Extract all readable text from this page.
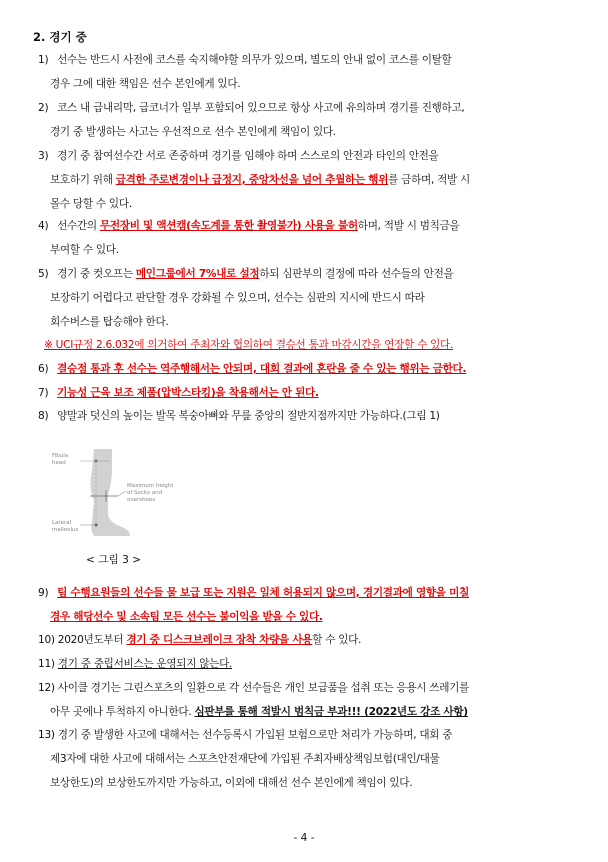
2. 경기 중

1) 선수는 반드시 사전에 코스를 숙지해야할 의무가 있으며, 별도의 안내 없이 코스를 이탈할

경우 그에 대한 책임은 선수 본인에게 있다.

2) 코스 내 급내리막, 급코너가 일부 포함되어 있으므로 항상 사고에 유의하며 경기를 진행하고,

경기 중 발생하는 사고는 우선적으로 선수 본인에게 책임이 있다.

3) 경기 중 참여선수간 서로 존중하며 경기를 임해야 하며 스스로의 안전과 타인의 안전을

보호하기 위해 급격한 주로변경이나 급정지, 중앙차선을 넘어 추월하는 행위를 금하며, 적발 시

몰수 당할 수 있다.

4) 선수간의 무전장비 및 액션캠(속도계를 통한 촬영불가) 사용을 불허하며, 적발 시 범칙금을

부여할 수 있다.

5) 경기 중 컷오프는 메인그룹에서 7%내로 설정하되 심판부의 결정에 따라 선수들의 안전을

보장하기 어렵다고 판단할 경우 강화될 수 있으며, 선수는 심판의 지시에 반드시 따라

회수버스를 탑승해야 한다.

※ UCI규정 2.6.032에 의거하여 주최자와 협의하여 결승선 통과 마감시간을 연장할 수 있다.

6) 결승점 통과 후 선수는 역주행해서는 안되며, 대회 결과에 혼란을 줄 수 있는 행위는 금한다.

7) 기능성 근육 보조 제품(압박스타킹)을 착용해서는 안 된다.

8) 양말과 덧신의 높이는 발목 복숭아뼈와 무릎 중앙의 절반지점까지만 가능하다.(그림 1)

Fibula
head
Maximum height
of Socks and
overshoes
Lateral
malleolus
< 그림 3 >

9) 팀 수행요원들의 선수들 물 보급 또는 지원은 일체 허용되지 않으며, 경기결과에 영향을 미칠

경우 해당선수 및 소속팀 모든 선수는 불이익을 받을 수 있다.

10) 2020년도부터 경기 중 디스크브레이크 장착 차량을 사용할 수 있다.

11) 경기 중 중립서비스는 운영되지 않는다.

12) 사이클 경기는 그린스포츠의 일환으로 각 선수들은 개인 보급품을 섭취 또는 응용시 쓰레기를

아무 곳에나 투척하지 아니한다. 심판부를 통해 적발시 범칙금 부과!!! (2022년도 강조 사항)

13) 경기 중 발생한 사고에 대해서는 선수등록시 가입된 보험으로만 처리가 가능하며, 대회 중

제3자에 대한 사고에 대해서는 스포츠안전재단에 가입된 주최자배상책임보험(대인/대물

보상한도)의 보상한도까지만 가능하고, 이외에 대해선 선수 본인에게 책임이 있다.

- 4 -
